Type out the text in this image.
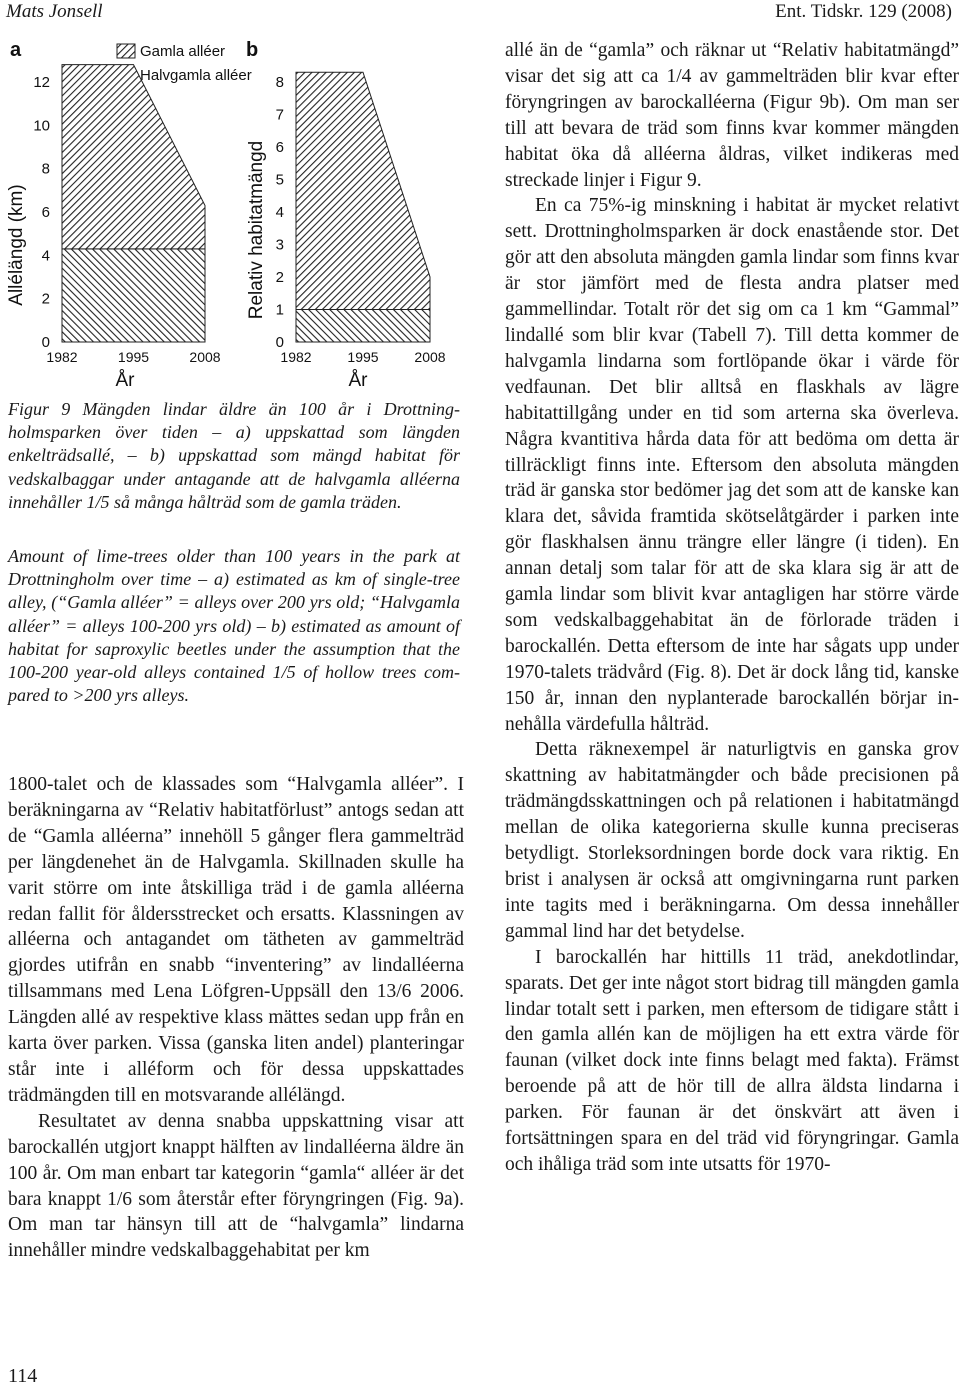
Mats Jonsell	Ent. Tidskr. 129 (2008)
a	b
Gamla alléer
Halvgamla alléer
Allélängd (km)	Relativ habitatmängd
0
2
4
6
8
10
12
1982	1995	2008
0
1
2
3
4
5
6
7
8
1982	1995	2008
År	År
Figur 9 Mängden lindar äldre än 100 år i Drottningholmsparken över tiden – a) uppskattad som längden enkelträdsallé, – b) uppskattad som mängd habitat för vedskalbaggar under antagande att de halvgamla alléerna innehåller 1/5 så många hålträd som de gamla träden.
Amount of lime-trees older than 100 years in the park at Drottningholm over time – a) estimated as km of single-tree alley, (“Gamla alléer” = alleys over 200 yrs old; “Halvgamla alléer” = alleys 100-200 yrs old) – b) estimated as amount of habitat for saproxylic beetles under the assumption that the 100-200 year-old alleys contained 1/5 of hollow trees compared to >200 yrs alleys.

1800-talet och de klassades som “Halvgamla alléer”. I beräkningarna av “Relativ habitatförlust” antogs sedan att de “Gamla alléerna” innehöll 5 gånger flera gammelträd per längdenehet än de Halvgamla. Skillnaden skulle ha varit större om inte åtskilliga träd i de gamla alléerna redan fallit för åldersstrecket och ersatts. Klassningen av alléerna och antagandet om tätheten av gammelträd gjordes utifrån en snabb “inventering” av lindalléerna tillsammans med Lena Löfgren-Uppsäll den 13/6 2006. Längden allé av respektive klass mättes sedan upp från en karta över parken. Vissa (ganska liten andel) planteringar står inte i alléform och för dessa uppskattades trädmängden till en motsvarande allélängd.

Resultatet av denna snabba uppskattning visar att barockallén utgjort knappt hälften av lindalléerna äldre än 100 år. Om man enbart tar kategorin “gamla“ alléer är det bara knappt 1/6 som återstår efter föryngringen (Fig. 9a). Om man tar hänsyn till att de “halvgamla” lindarna innehåller mindre vedskalbaggehabitat per km

allé än de “gamla” och räknar ut “Relativ habitatmängd” visar det sig att ca 1/4 av gammelträden blir kvar efter föryngringen av barockalléerna (Figur 9b). Om man ser till att bevara de träd som finns kvar kommer mängden habitat öka då alléerna åldras, vilket indikeras med streckade linjer i Figur 9.

En ca 75%-ig minskning i habitat är mycket relativt sett. Drottningholmsparken är dock enastående stor. Det gör att den absoluta mängden gamla lindar som finns kvar är stor jämfört med de flesta andra platser med gammellindar. Totalt rör det sig om ca 1 km “Gammal” lindallé som blir kvar (Tabell 7). Till detta kommer de halvgamla lindarna som fortlöpande ökar i värde för vedfaunan. Det blir alltså en flaskhals av lägre habitattillgång under en tid som arterna ska överleva. Några kvantitiva hårda data för att bedöma om detta är tillräckligt finns inte. Eftersom den absoluta mängden träd är ganska stor bedömer jag det som att de kanske kan klara det, såvida framtida skötselåtgärder i parken inte gör flaskhalsen ännu trängre eller längre (i tiden). En annan detalj som talar för att de ska klara sig är att de gamla lindar som blivit kvar antagligen har större värde som vedskalbaggehabitat än de förlorade träden i barockallén. Detta eftersom de inte har sågats upp under 1970-talets trädvård (Fig. 8). Det är dock lång tid, kanske 150 år, innan den nyplanterade barockallén börjar innehålla värdefulla hålträd.

Detta räknexempel är naturligtvis en ganska grov skattning av habitatmängder och både precisionen på trädmängdsskattningen och på relationen i habitatmängd mellan de olika kategorierna skulle kunna preciseras betydligt. Storleksordningen borde dock vara riktig. En brist i analysen är också att omgivningarna runt parken inte tagits med i beräkningarna. Om dessa innehåller gammal lind har det betydelse.

I barockallén har hittills 11 träd, anekdotlindar, sparats. Det ger inte något stort bidrag till mängden gamla lindar totalt sett i parken, men eftersom de tidigare stått i den gamla allén kan de möjligen ha ett extra värde för faunan (vilket dock inte finns belagt med fakta). Främst beroende på att de hör till de allra äldsta lindarna i parken. För faunan är det önskvärt att även i fortsättningen spara en del träd vid föryngringar. Gamla och ihåliga träd som inte utsatts för 1970-

114
